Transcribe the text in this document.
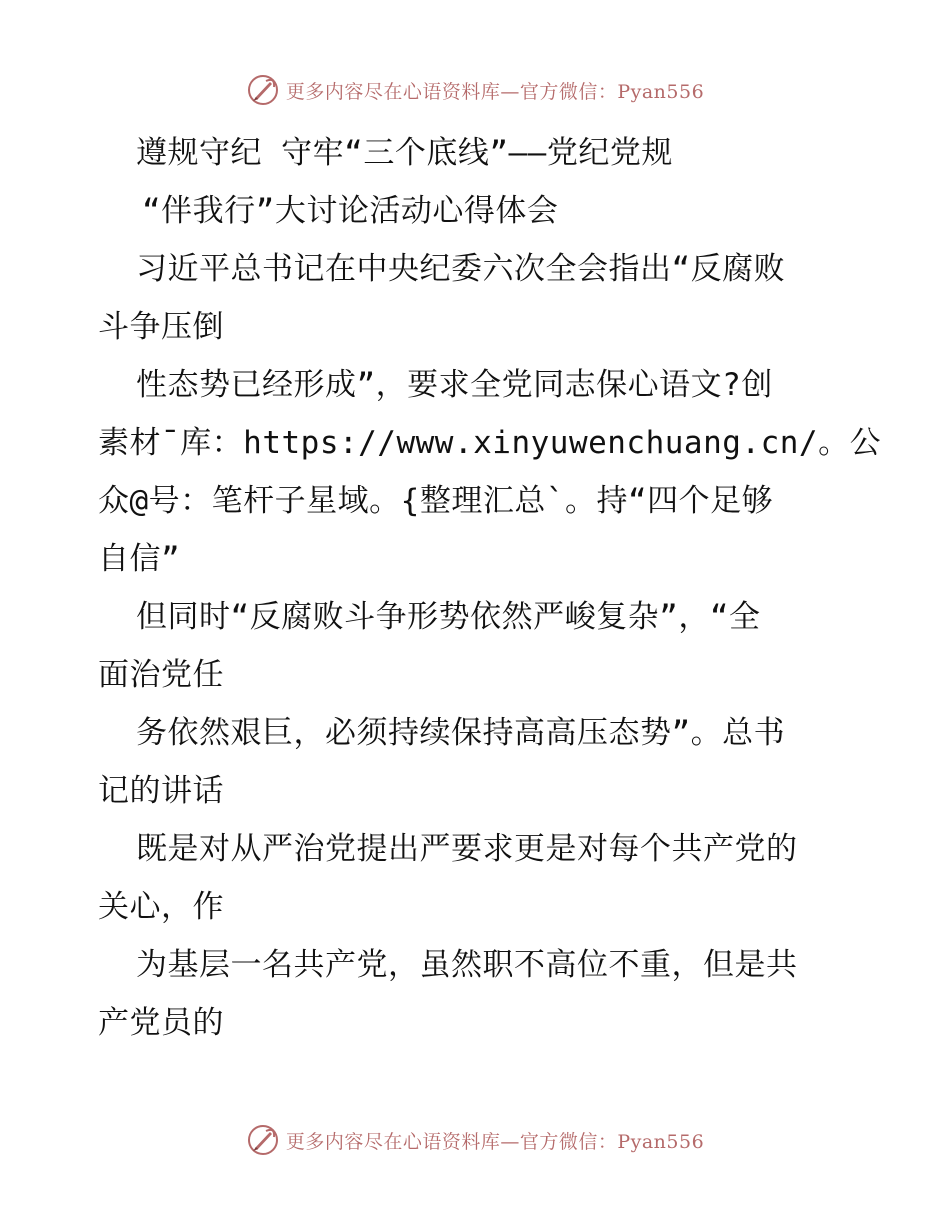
更多内容尽在心语资料库—官方微信：Pyan556
遵规守纪 守牢“三个底线”——党纪党规
“伴我行”大讨论活动心得体会
习近平总书记在中央纪委六次全会指出“反腐败
斗争压倒
性态势已经形成”，要求全党同志保心语文?创
素材¯库：https://www.xinyuwenchuang.cn/。公
众@号：笔杆子星域。{整理汇总`。持“四个足够
自信”
但同时“反腐败斗争形势依然严峻复杂”，“全
面治党任
务依然艰巨，必须持续保持高高压态势”。总书
记的讲话
既是对从严治党提出严要求更是对每个共产党的
关心，作
为基层一名共产党，虽然职不高位不重，但是共
产党员的
更多内容尽在心语资料库—官方微信：Pyan556
